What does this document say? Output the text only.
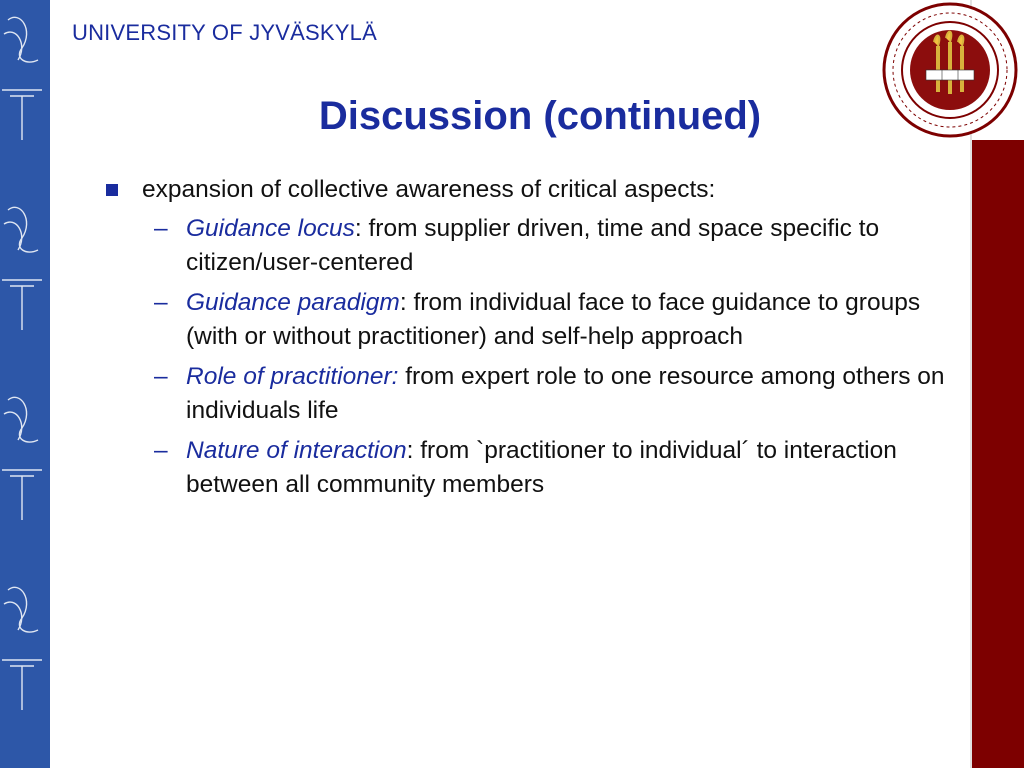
UNIVERSITY OF JYVÄSKYLÄ
Discussion (continued)
expansion of collective awareness of critical aspects:
– Guidance locus: from supplier driven, time and space specific to citizen/user-centered
– Guidance paradigm: from individual face to face guidance to groups (with or without practitioner) and self-help approach
– Role of practitioner: from expert role to one resource among others on individuals life
– Nature of interaction: from `practitioner to individual´ to interaction between all community members
